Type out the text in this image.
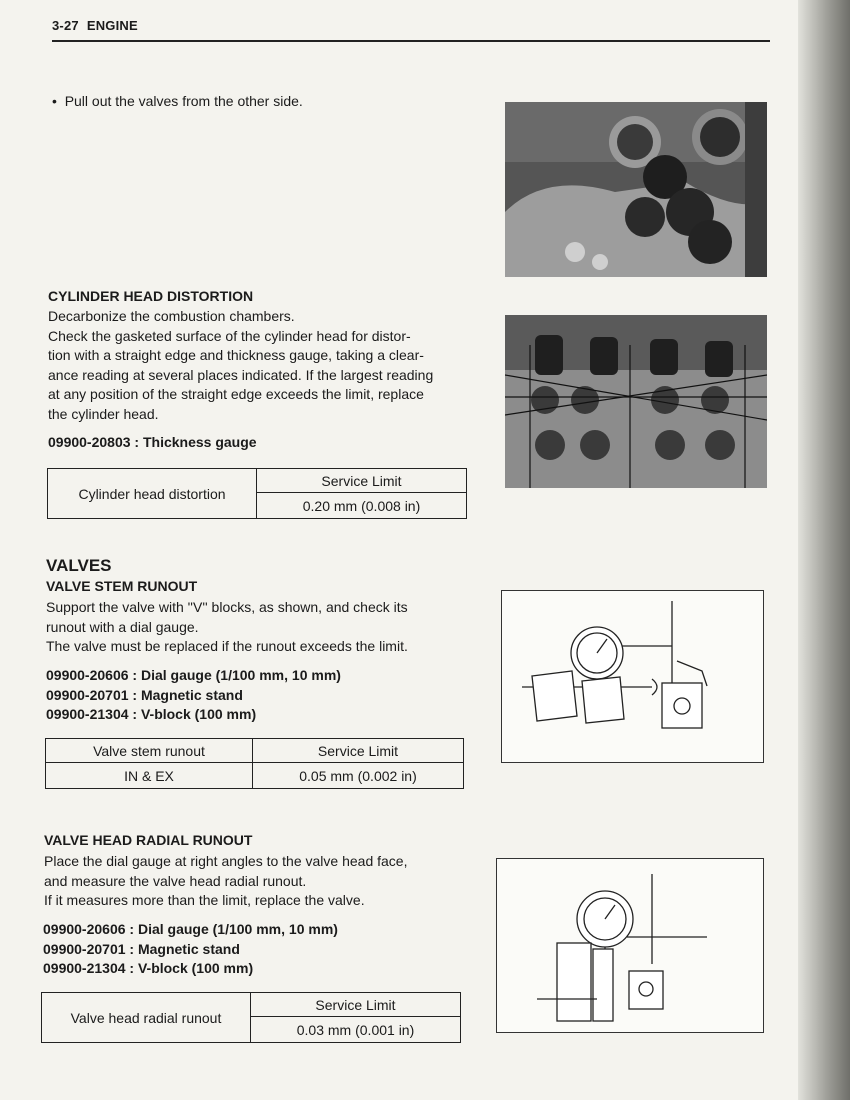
3-27 ENGINE
•  Pull out the valves from the other side.
CYLINDER HEAD DISTORTION
Decarbonize the combustion chambers.
Check the gasketed surface of the cylinder head for distor-
tion with a straight edge and thickness gauge, taking a clear-
ance reading at several places indicated. If the largest reading
at any position of the straight edge exceeds the limit, replace
the cylinder head.
09900-20803 : Thickness gauge
Cylinder head distortion	Service Limit
0.20 mm (0.008 in)
VALVES
VALVE STEM RUNOUT
Support the valve with ''V'' blocks, as shown, and check its
runout with a dial gauge.
The valve must be replaced if the runout exceeds the limit.
09900-20606 : Dial gauge (1/100 mm, 10 mm)
09900-20701 : Magnetic stand
09900-21304 : V-block (100 mm)
Valve stem runout	Service Limit
IN & EX	0.05 mm (0.002 in)
VALVE HEAD RADIAL RUNOUT
Place the dial gauge at right angles to the valve head face,
and measure the valve head radial runout.
If it measures more than the limit, replace the valve.
09900-20606 : Dial gauge (1/100 mm, 10 mm)
09900-20701 : Magnetic stand
09900-21304 : V-block (100 mm)
Valve head radial runout	Service Limit
0.03 mm (0.001 in)
